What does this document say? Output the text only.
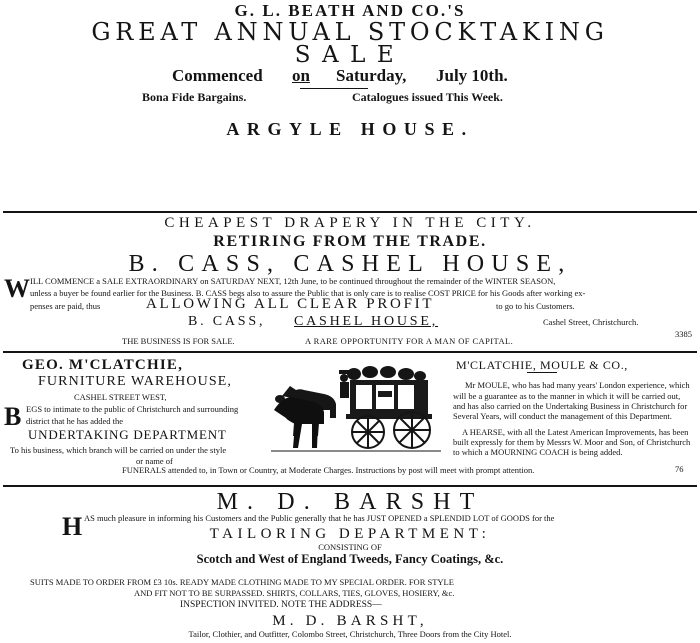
G. L. BEATH AND CO.'S
GREAT ANNUAL STOCKTAKING
SALE
Commenced on Saturday, July 10th.
Bona Fide Bargains.	Catalogues issued This Week.
ARGYLE HOUSE.
CHEAPEST DRAPERY IN THE CITY.
RETIRING FROM THE TRADE.
B. CASS, CASHEL HOUSE,
W ILL COMMENCE a SALE EXTRAORDINARY on SATURDAY NEXT, 12th June, to be continued throughout the remainder of the WINTER SEASON,
unless a buyer be found earlier for the Business. B. CASS begs also to assure the Public that is only care is to realise COST PRICE for his Goods after working ex-
penses are paid, thus	ALLOWING ALL CLEAR PROFIT	to go to his Customers.
B. CASS, CASHEL HOUSE,	Cashel Street, Christchurch.
3385
THE BUSINESS IS FOR SALE.	A RARE OPPORTUNITY FOR A MAN OF CAPITAL.
GEO. M'CLATCHIE,
FURNITURE WAREHOUSE,
CASHEL STREET WEST,
B EGS to intimate to the public of Christchurch and surrounding
district that he has added the
UNDERTAKING DEPARTMENT
To his business, which branch will be carried on under the style
or name of
M'CLATCHIE, MOULE & CO.,
Mr MOULE, who has had many years' London experience, which
will be a guarantee as to the manner in which it will be carried out,
and has also carried on the Undertaking Business in Christchurch for
Several Years, will conduct the management of this Department.
A HEARSE, with all the Latest American Improvements, has been
built expressly for them by Messrs W. Moor and Son, of Christchurch
to which a MOURNING COACH is being added.
FUNERALS attended to, in Town or Country, at Moderate Charges. Instructions by post will meet with prompt attention.	76
M. D. BARSHT
H AS much pleasure in informing his Customers and the Public generally that he has JUST OPENED a SPLENDID LOT of GOODS for the
TAILORING DEPARTMENT:
CONSISTING OF
Scotch and West of England Tweeds, Fancy Coatings, &c.
SUITS MADE TO ORDER FROM £3 10s. READY MADE CLOTHING MADE TO MY SPECIAL ORDER. FOR STYLE
AND FIT NOT TO BE SURPASSED. SHIRTS, COLLARS, TIES, GLOVES, HOSIERY, &c.
INSPECTION INVITED. NOTE THE ADDRESS—
M. D. BARSHT,
Tailor, Clothier, and Outfitter, Colombo Street, Christchurch, Three Doors from the City Hotel.
